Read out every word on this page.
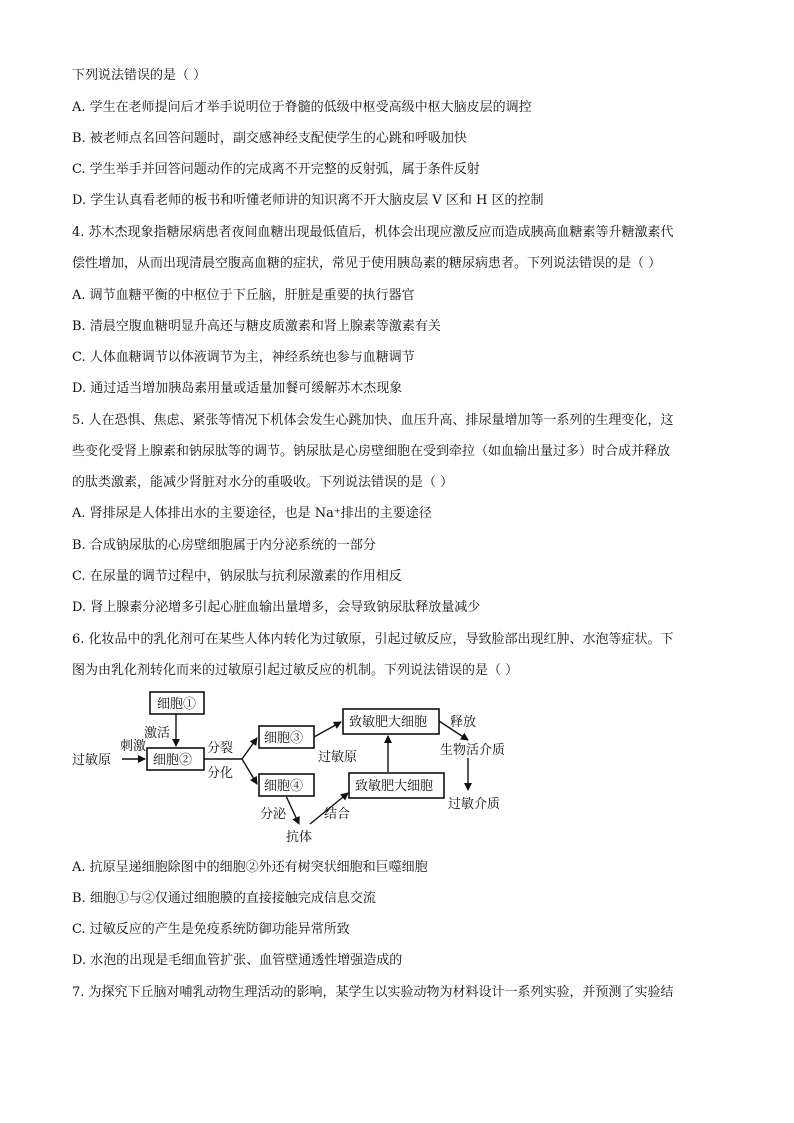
下列说法错误的是（ ）
A. 学生在老师提问后才举手说明位于脊髓的低级中枢受高级中枢大脑皮层的调控
B. 被老师点名回答问题时，副交感神经支配使学生的心跳和呼吸加快
C. 学生举手并回答问题动作的完成离不开完整的反射弧，属于条件反射
D. 学生认真看老师的板书和听懂老师讲的知识离不开大脑皮层 V 区和 H 区的控制
4. 苏木杰现象指糖尿病患者夜间血糖出现最低值后，机体会出现应激反应而造成胰高血糖素等升糖激素代
偿性增加，从而出现清晨空腹高血糖的症状，常见于使用胰岛素的糖尿病患者。下列说法错误的是（ ）
A. 调节血糖平衡的中枢位于下丘脑，肝脏是重要的执行器官
B. 清晨空腹血糖明显升高还与糖皮质激素和肾上腺素等激素有关
C. 人体血糖调节以体液调节为主，神经系统也参与血糖调节
D. 通过适当增加胰岛素用量或适量加餐可缓解苏木杰现象
5. 人在恐惧、焦虑、紧张等情况下机体会发生心跳加快、血压升高、排尿量增加等一系列的生理变化，这
些变化受肾上腺素和钠尿肽等的调节。钠尿肽是心房壁细胞在受到牵拉（如血输出量过多）时合成并释放
的肽类激素，能减少肾脏对水分的重吸收。下列说法错误的是（ ）
A. 肾排尿是人体排出水的主要途径，也是 Na⁺排出的主要途径
B. 合成钠尿肽的心房壁细胞属于内分泌系统的一部分
C. 在尿量的调节过程中，钠尿肽与抗利尿激素的作用相反
D. 肾上腺素分泌增多引起心脏血输出量增多，会导致钠尿肽释放量减少
6. 化妆品中的乳化剂可在某些人体内转化为过敏原，引起过敏反应，导致脸部出现红肿、水泡等症状。下
图为由乳化剂转化而来的过敏原引起过敏反应的机制。下列说法错误的是（ ）
细胞①
激活
过敏原
刺激
细胞②
分裂
分化
细胞③
细胞④
过敏原
致敏肥大细胞
致敏肥大细胞
释放
生物活介质
过敏介质
分泌	结合
抗体
A. 抗原呈递细胞除图中的细胞②外还有树突状细胞和巨噬细胞
B. 细胞①与②仅通过细胞膜的直接接触完成信息交流
C. 过敏反应的产生是免疫系统防御功能异常所致
D. 水泡的出现是毛细血管扩张、血管壁通透性增强造成的
7. 为探究下丘脑对哺乳动物生理活动的影响，某学生以实验动物为材料设计一系列实验，并预测了实验结
